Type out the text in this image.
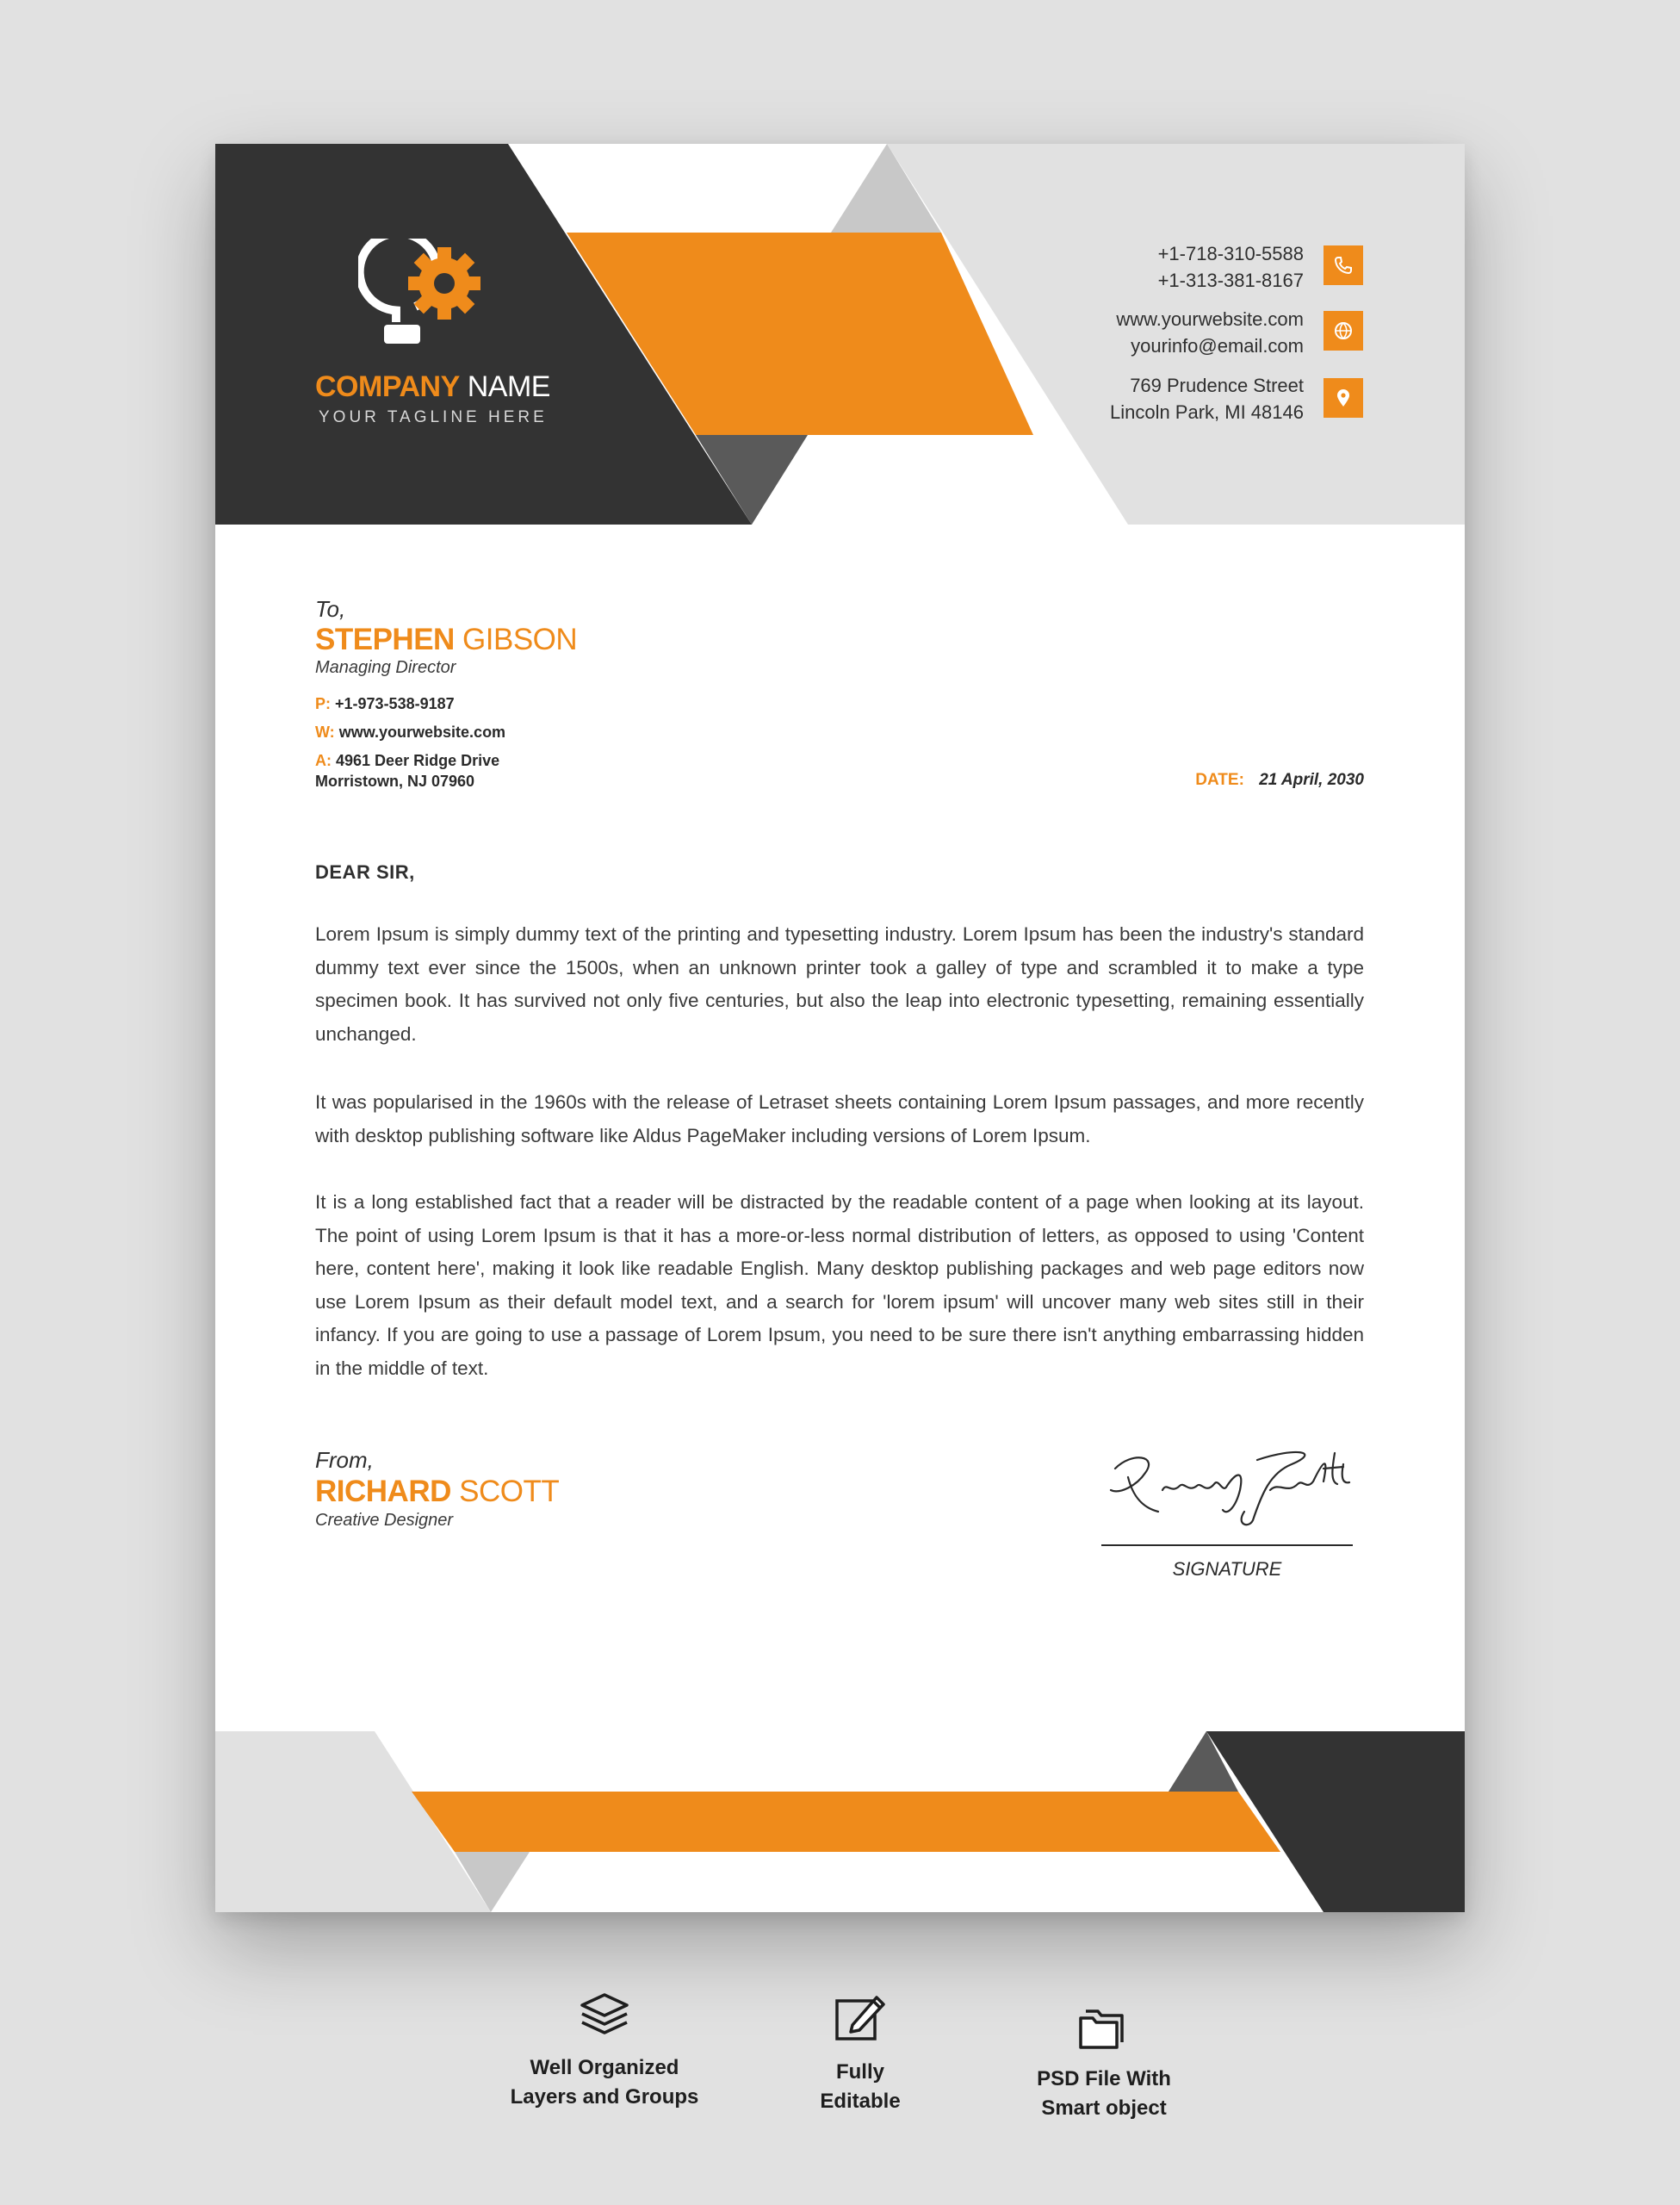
COMPANY NAME
YOUR TAGLINE HERE
+1-718-310-5588
+1-313-381-8167
www.yourwebsite.com
yourinfo@email.com
769 Prudence Street
Lincoln Park, MI 48146
To,
STEPHEN GIBSON
Managing Director
P: +1-973-538-9187
W: www.yourwebsite.com
A: 4961 Deer Ridge Drive
Morristown, NJ 07960	DATE: 21 April, 2030
DEAR SIR,

Lorem Ipsum is simply dummy text of the printing and typesetting industry. Lorem Ipsum has been the industry's standard dummy text ever since the 1500s, when an unknown printer took a galley of type and scrambled it to make a type specimen book. It has survived not only five centuries, but also the leap into electronic typesetting, remaining essentially unchanged.

It was popularised in the 1960s with the release of Letraset sheets containing Lorem Ipsum passages, and more recently with desktop publishing software like Aldus PageMaker including versions of Lorem Ipsum.

It is a long established fact that a reader will be distracted by the readable content of a page when looking at its layout. The point of using Lorem Ipsum is that it has a more-or-less normal distribution of letters, as opposed to using 'Content here, content here', making it look like readable English. Many desktop publishing packages and web page editors now use Lorem Ipsum as their default model text, and a search for 'lorem ipsum' will uncover many web sites still in their infancy. If you are going to use a passage of Lorem Ipsum, you need to be sure there isn't anything embarrassing hidden in the middle of text.

From,
RICHARD SCOTT
Creative Designer
SIGNATURE
Well Organized
Layers and Groups
Fully
Editable
PSD File With
Smart object
